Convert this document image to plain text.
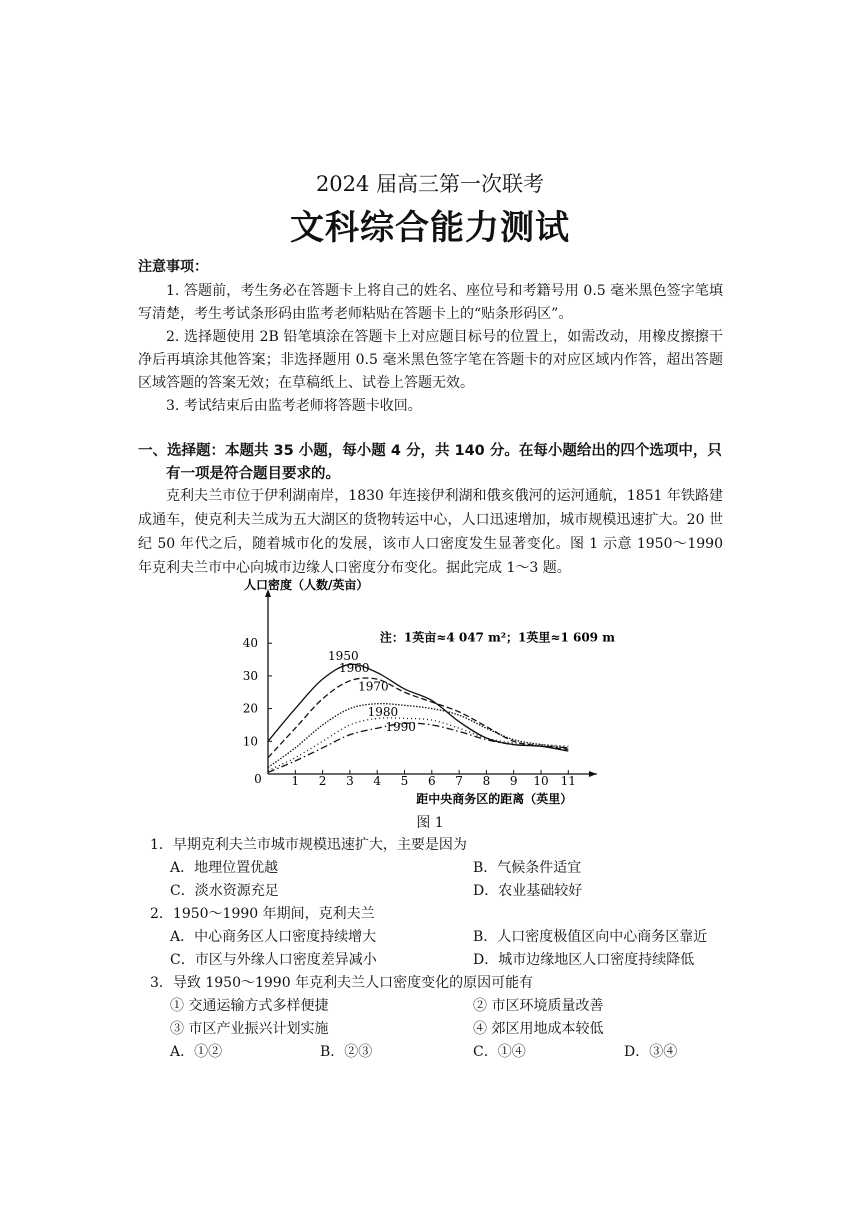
2024 届高三第一次联考
文科综合能力测试
注意事项：
1. 答题前，考生务必在答题卡上将自己的姓名、座位号和考籍号用 0.5 毫米黑色签字笔填写清楚，考生考试条形码由监考老师粘贴在答题卡上的“贴条形码区”。
2. 选择题使用 2B 铅笔填涂在答题卡上对应题目标号的位置上，如需改动，用橡皮擦擦干净后再填涂其他答案；非选择题用 0.5 毫米黑色签字笔在答题卡的对应区域内作答，超出答题区域答题的答案无效；在草稿纸上、试卷上答题无效。
3. 考试结束后由监考老师将答题卡收回。
一、选择题：本题共 35 小题，每小题 4 分，共 140 分。在每小题给出的四个选项中，只
有一项是符合题目要求的。
克利夫兰市位于伊利湖南岸，1830 年连接伊利湖和俄亥俄河的运河通航，1851 年铁路建成通车，使克利夫兰成为五大湖区的货物转运中心，人口迅速增加，城市规模迅速扩大。20 世纪 50 年代之后，随着城市化的发展，该市人口密度发生显著变化。图 1 示意 1950～1990 年克利夫兰市中心向城市边缘人口密度分布变化。据此完成 1～3 题。
人口密度（人数/英亩）
距中央商务区的距离（英里）
注：1英亩≈4 047 m²；1英里≈1 609 m
0 1 2 3 4 5 6 7 8 9 10 11
10
20
30
40
1950
1960
1970
1980
1990
图 1
1．早期克利夫兰市城市规模迅速扩大，主要是因为
A．地理位置优越	B．气候条件适宜
C．淡水资源充足	D．农业基础较好
2．1950～1990 年期间，克利夫兰
A．中心商务区人口密度持续增大	B．人口密度极值区向中心商务区靠近
C．市区与外缘人口密度差异减小	D．城市边缘地区人口密度持续降低
3．导致 1950～1990 年克利夫兰人口密度变化的原因可能有
① 交通运输方式多样便捷	② 市区环境质量改善
③ 市区产业振兴计划实施	④ 郊区用地成本较低
A．①②	B．②③	C．①④	D．③④
